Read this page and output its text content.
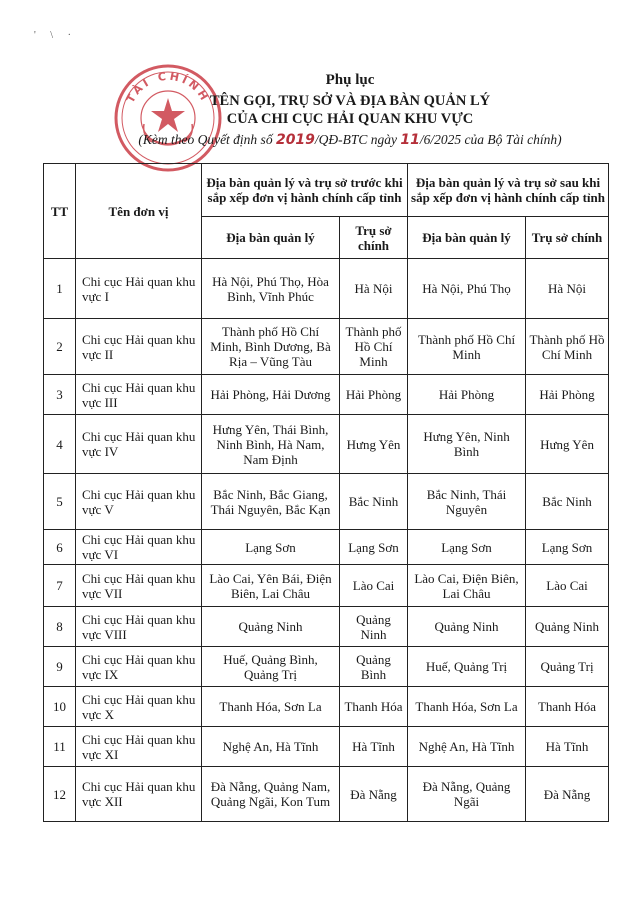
' \ ·
TÀI CHÍNH
Phụ lục
TÊN GỌI, TRỤ SỞ VÀ ĐỊA BÀN QUẢN LÝ
CỦA CHI CỤC HẢI QUAN KHU VỰC
(Kèm theo Quyết định số 2019/QĐ-BTC ngày 11/6/2025 của Bộ Tài chính)
TT	Tên đơn vị	Địa bàn quản lý và trụ sở trước khi sắp xếp đơn vị hành chính cấp tỉnh		Địa bàn quản lý và trụ sở sau khi sắp xếp đơn vị hành chính cấp tỉnh	
		Địa bàn quản lý	Trụ sở chính	Địa bàn quản lý	Trụ sở chính
1	Chi cục Hải quan khu vực I	Hà Nội, Phú Thọ, Hòa Bình, Vĩnh Phúc	Hà Nội	Hà Nội, Phú Thọ	Hà Nội
2	Chi cục Hải quan khu vực II	Thành phố Hồ Chí Minh, Bình Dương, Bà Rịa – Vũng Tàu	Thành phố Hồ Chí Minh	Thành phố Hồ Chí Minh	Thành phố Hồ Chí Minh
3	Chi cục Hải quan khu vực III	Hải Phòng, Hải Dương	Hải Phòng	Hải Phòng	Hải Phòng
4	Chi cục Hải quan khu vực IV	Hưng Yên, Thái Bình, Ninh Bình, Hà Nam, Nam Định	Hưng Yên	Hưng Yên, Ninh Bình	Hưng Yên
5	Chi cục Hải quan khu vực V	Bắc Ninh, Bắc Giang, Thái Nguyên, Bắc Kạn	Bắc Ninh	Bắc Ninh, Thái Nguyên	Bắc Ninh
6	Chi cục Hải quan khu vực VI	Lạng Sơn	Lạng Sơn	Lạng Sơn	Lạng Sơn
7	Chi cục Hải quan khu vực VII	Lào Cai, Yên Bái, Điện Biên, Lai Châu	Lào Cai	Lào Cai, Điện Biên, Lai Châu	Lào Cai
8	Chi cục Hải quan khu vực VIII	Quảng Ninh	Quảng Ninh	Quảng Ninh	Quảng Ninh
9	Chi cục Hải quan khu vực IX	Huế, Quảng Bình, Quảng Trị	Quảng Bình	Huế, Quảng Trị	Quảng Trị
10	Chi cục Hải quan khu vực X	Thanh Hóa, Sơn La	Thanh Hóa	Thanh Hóa, Sơn La	Thanh Hóa
11	Chi cục Hải quan khu vực XI	Nghệ An, Hà Tĩnh	Hà Tĩnh	Nghệ An, Hà Tĩnh	Hà Tĩnh
12	Chi cục Hải quan khu vực XII	Đà Nẵng, Quảng Nam, Quảng Ngãi, Kon Tum	Đà Nẵng	Đà Nẵng, Quảng Ngãi	Đà Nẵng
